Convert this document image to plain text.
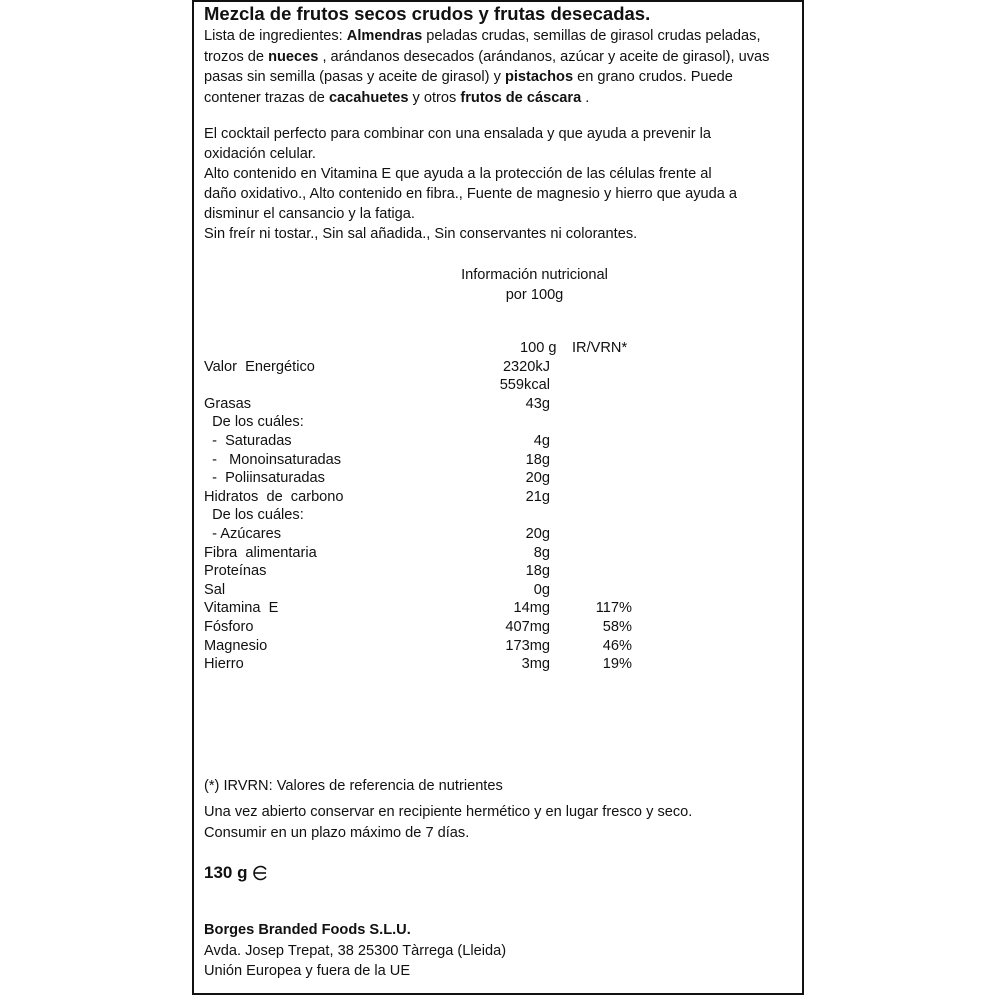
Mezcla de frutos secos crudos y frutas desecadas.
Lista de ingredientes: Almendras peladas crudas, semillas de girasol crudas peladas, trozos de nueces , arándanos desecados (arándanos, azúcar y aceite de girasol), uvas pasas sin semilla (pasas y aceite de girasol) y pistachos en grano crudos. Puede contener trazas de cacahuetes y otros frutos de cáscara .
El cocktail perfecto para combinar con una ensalada y que ayuda a prevenir la
oxidación celular.
Alto contenido en Vitamina E que ayuda a la protección de las células frente al
daño oxidativo., Alto contenido en fibra., Fuente de magnesio y hierro que ayuda a
disminur el cansancio y la fatiga.
Sin freír ni tostar., Sin sal añadida., Sin conservantes ni colorantes.
Información nutricional
por 100g
100 g IR/VRN*
Valor  Energético	2320kJ
559kcal
Grasas	43g
De los cuáles:
-  Saturadas	4g
-   Monoinsaturadas	18g
-  Poliinsaturadas	20g
Hidratos  de  carbono	21g
De los cuáles:
- Azúcares	20g
Fibra  alimentaria	8g
Proteínas	18g
Sal	0g
Vitamina  E	14mg	117%
Fósforo	407mg	58%
Magnesio	173mg	46%
Hierro	3mg	19%
(*) IRVRN: Valores de referencia de nutrientes
Una vez abierto conservar en recipiente hermético y en lugar fresco y seco.
Consumir en un plazo máximo de 7 días.
130 g
Borges Branded Foods S.L.U.
Avda. Josep Trepat, 38 25300 Tàrrega (Lleida)
Unión Europea y fuera de la UE
